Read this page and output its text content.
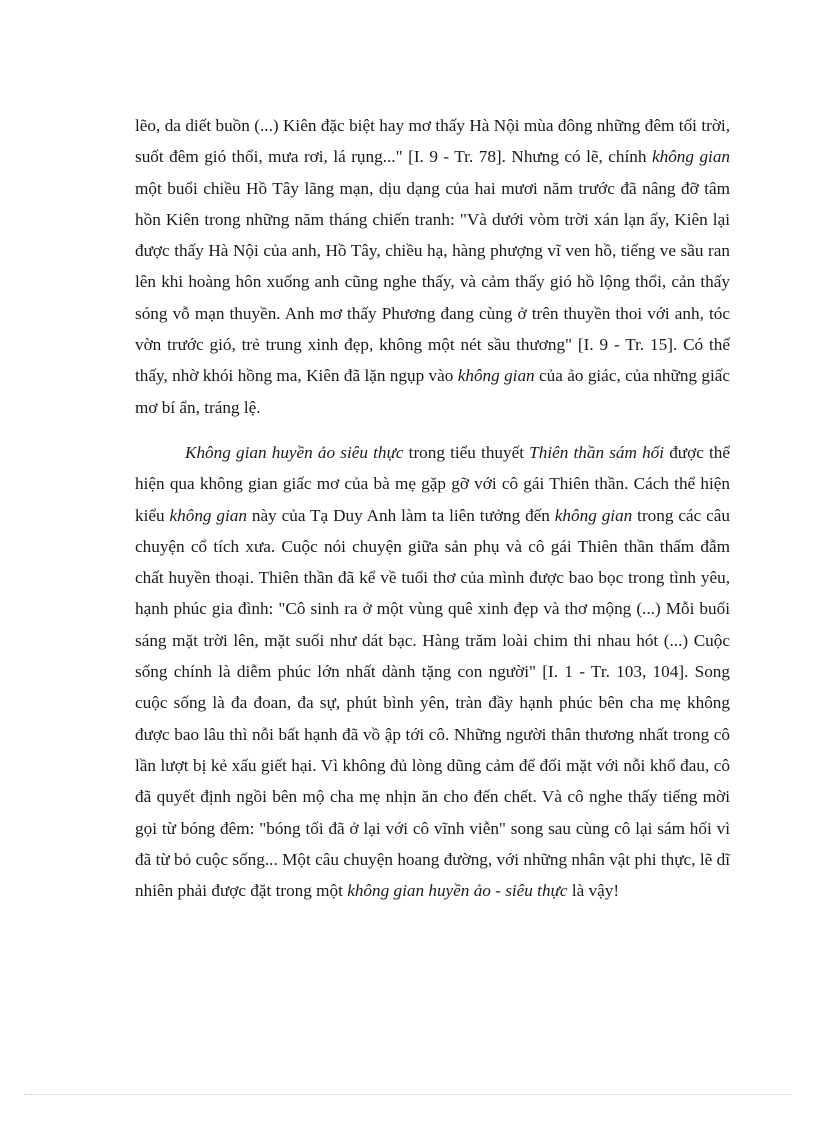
lẽo, da diết buồn (...) Kiên đặc biệt hay mơ thấy Hà Nội mùa đông những đêm tối trời, suốt đêm gió thổi, mưa rơi, lá rụng..." [I. 9 - Tr. 78]. Nhưng có lẽ, chính không gian một buổi chiều Hồ Tây lãng mạn, dịu dạng của hai mươi năm trước đã nâng đỡ tâm hồn Kiên trong những năm tháng chiến tranh: "Và dưới vòm trời xán lạn ấy, Kiên lại được thấy Hà Nội của anh, Hồ Tây, chiều hạ, hàng phượng vĩ ven hồ, tiếng ve sầu ran lên khi hoàng hôn xuống anh cũng nghe thấy, và cảm thấy gió hồ lộng thổi, cản thấy sóng vỗ mạn thuyền. Anh mơ thấy Phương đang cùng ở trên thuyền thoi với anh, tóc vờn trước gió, trẻ trung xinh đẹp, không một nét sầu thương" [I. 9 - Tr. 15]. Có thể thấy, nhờ khói hồng ma, Kiên đã lặn ngụp vào không gian của ảo giác, của những giấc mơ bí ẩn, tráng lệ.

Không gian huyền ảo siêu thực trong tiểu thuyết Thiên thần sám hối được thể hiện qua không gian giấc mơ của bà mẹ gặp gỡ với cô gái Thiên thần. Cách thể hiện kiểu không gian này của Tạ Duy Anh làm ta liên tưởng đến không gian trong các câu chuyện cổ tích xưa. Cuộc nói chuyện giữa sản phụ và cô gái Thiên thần thấm đẫm chất huyền thoại. Thiên thần đã kể về tuổi thơ của mình được bao bọc trong tình yêu, hạnh phúc gia đình: "Cô sinh ra ở một vùng quê xinh đẹp và thơ mộng (...) Mỗi buổi sáng mặt trời lên, mặt suối như dát bạc. Hàng trăm loài chim thi nhau hót (...) Cuộc sống chính là diễm phúc lớn nhất dành tặng con người" [I. 1 - Tr. 103, 104]. Song cuộc sống là đa đoan, đa sự, phút bình yên, tràn đầy hạnh phúc bên cha mẹ không được bao lâu thì nỗi bất hạnh đã vồ ập tới cô. Những người thân thương nhất trong cô lần lượt bị kẻ xấu giết hại. Vì không đủ lòng dũng cảm để đối mặt với nỗi khổ đau, cô đã quyết định ngồi bên mộ cha mẹ nhịn ăn cho đến chết. Và cô nghe thấy tiếng mời gọi từ bóng đêm: "bóng tối đã ở lại với cô vĩnh viễn" song sau cùng cô lại sám hối vì đã từ bỏ cuộc sống... Một câu chuyện hoang đường, với những nhân vật phi thực, lẽ dĩ nhiên phải được đặt trong một không gian huyền ảo - siêu thực là vậy!
